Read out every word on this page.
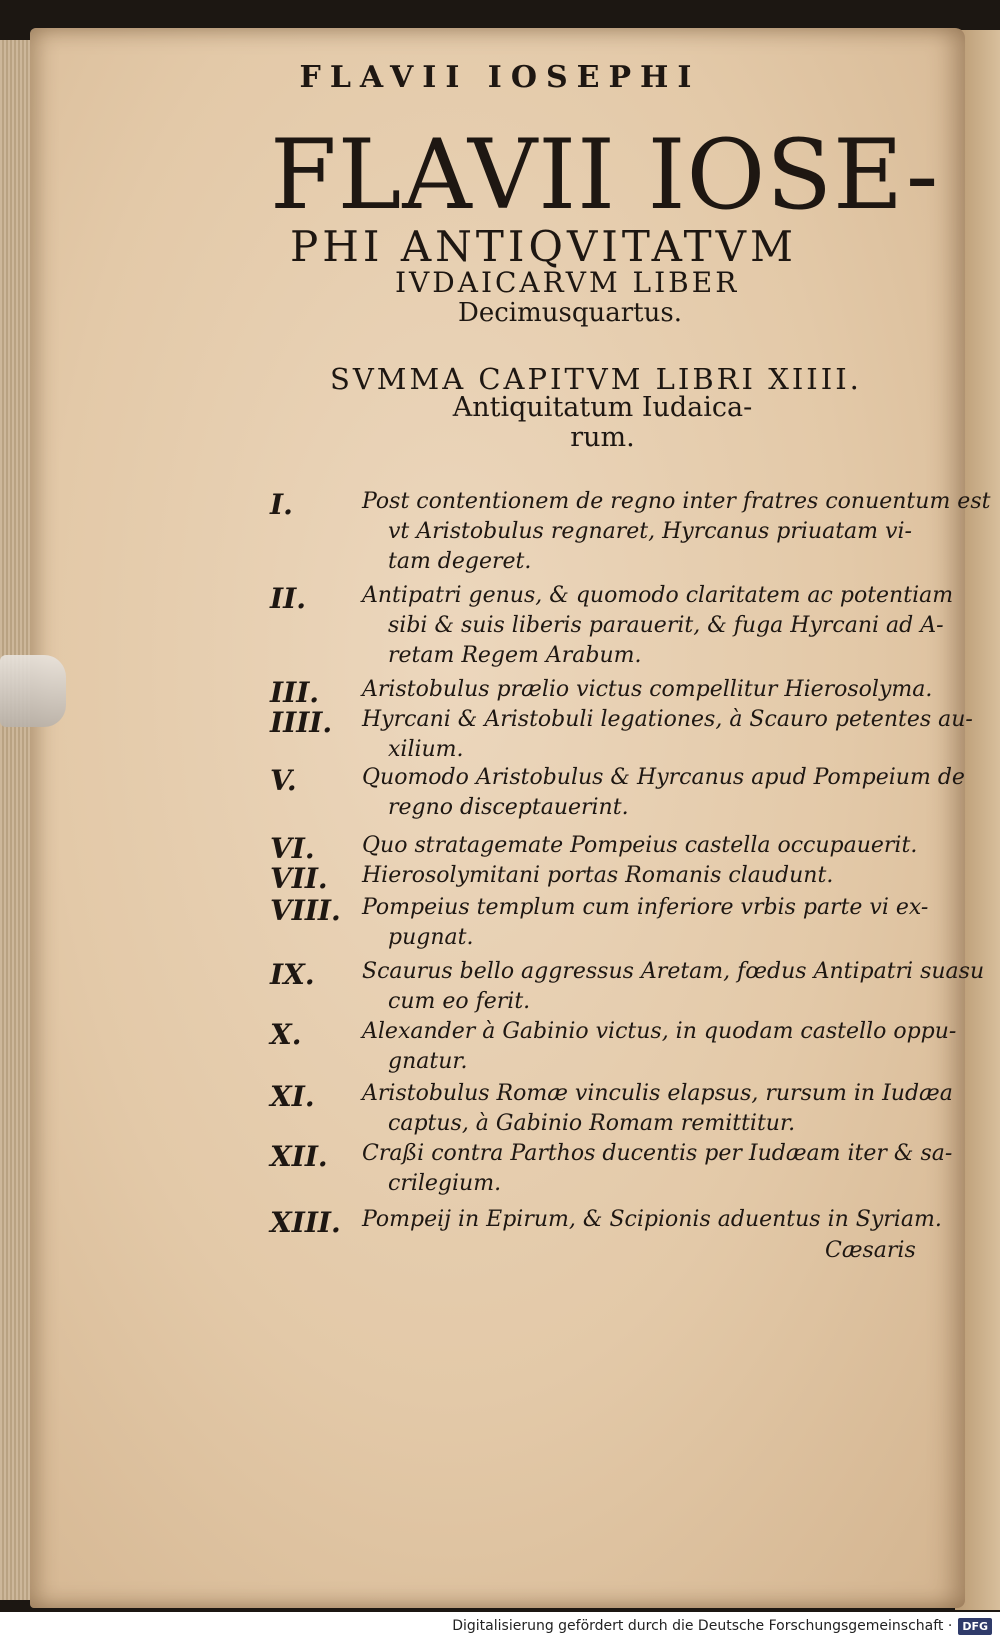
FLAVII IOSEPHI
FLAVII IOSE-
PHI ANTIQVITATVM
IVDAICARVM LIBER
Decimusquartus.
SVMMA CAPITVM LIBRI XIIII.
Antiquitatum Iudaica-
rum.
I.	Post contentionem de regno inter fratres conuentum est
vt Aristobulus regnaret, Hyrcanus priuatam vi-
tam degeret.
II.	Antipatri genus, & quomodo claritatem ac potentiam
sibi & suis liberis parauerit, & fuga Hyrcani ad A-
retam Regem Arabum.
III.	Aristobulus prælio victus compellitur Hierosolyma.
IIII.	Hyrcani & Aristobuli legationes, à Scauro petentes au-
xilium.
V.	Quomodo Aristobulus & Hyrcanus apud Pompeium de
regno disceptauerint.
VI.	Quo stratagemate Pompeius castella occupauerit.
VII.	Hierosolymitani portas Romanis claudunt.
VIII. Pompeius templum cum inferiore vrbis parte vi ex-
pugnat.
IX.	Scaurus bello aggressus Aretam, fœdus Antipatri suasu
cum eo ferit.
X.	Alexander à Gabinio victus, in quodam castello oppu-
gnatur.
XI.	Aristobulus Romæ vinculis elapsus, rursum in Iudæa
captus, à Gabinio Romam remittitur.
XII.	Craßi contra Parthos ducentis per Iudæam iter & sa-
crilegium.
XIII. Pompeij in Epirum, & Scipionis aduentus in Syriam.
Cæsaris
Digitalisierung gefördert durch die Deutsche Forschungsgemeinschaft · DFG
